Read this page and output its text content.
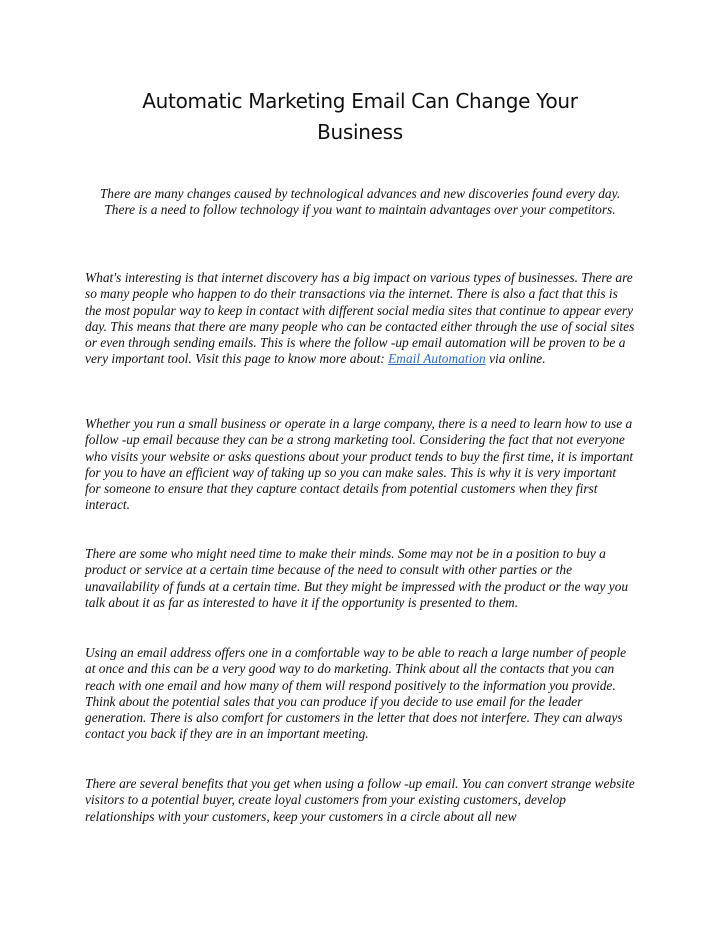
Automatic Marketing Email Can Change Your Business

There are many changes caused by technological advances and new discoveries found every day. There is a need to follow technology if you want to maintain advantages over your competitors.

What's interesting is that internet discovery has a big impact on various types of businesses. There are so many people who happen to do their transactions via the internet. There is also a fact that this is the most popular way to keep in contact with different social media sites that continue to appear every day. This means that there are many people who can be contacted either through the use of social sites or even through sending emails. This is where the follow -up email automation will be proven to be a very important tool. Visit this page to know more about: Email Automation via online.

Whether you run a small business or operate in a large company, there is a need to learn how to use a follow -up email because they can be a strong marketing tool. Considering the fact that not everyone who visits your website or asks questions about your product tends to buy the first time, it is important for you to have an efficient way of taking up so you can make sales. This is why it is very important for someone to ensure that they capture contact details from potential customers when they first interact.

There are some who might need time to make their minds. Some may not be in a position to buy a product or service at a certain time because of the need to consult with other parties or the unavailability of funds at a certain time. But they might be impressed with the product or the way you talk about it as far as interested to have it if the opportunity is presented to them.

Using an email address offers one in a comfortable way to be able to reach a large number of people at once and this can be a very good way to do marketing. Think about all the contacts that you can reach with one email and how many of them will respond positively to the information you provide. Think about the potential sales that you can produce if you decide to use email for the leader generation. There is also comfort for customers in the letter that does not interfere. They can always contact you back if they are in an important meeting.

There are several benefits that you get when using a follow -up email. You can convert strange website visitors to a potential buyer, create loyal customers from your existing customers, develop relationships with your customers, keep your customers in a circle about all new
